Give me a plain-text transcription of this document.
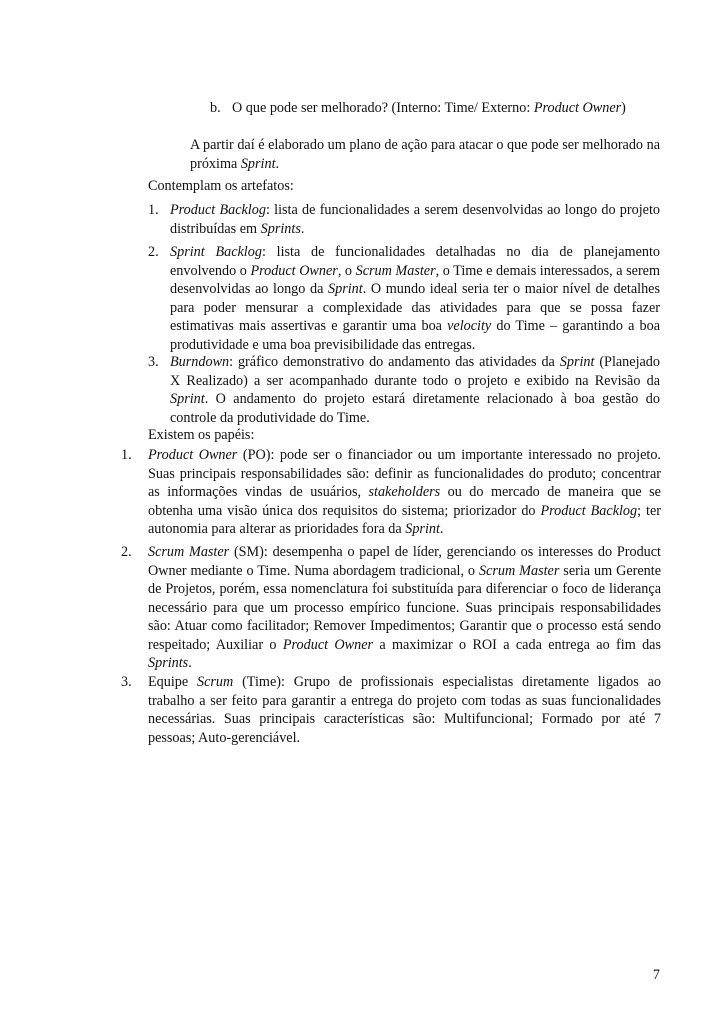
b. O que pode ser melhorado? (Interno: Time/ Externo: Product Owner)

A partir daí é elaborado um plano de ação para atacar o que pode ser melhorado na próxima Sprint.

Contemplam os artefatos:

1. Product Backlog: lista de funcionalidades a serem desenvolvidas ao longo do projeto distribuídas em Sprints.

2. Sprint Backlog: lista de funcionalidades detalhadas no dia de planejamento envolvendo o Product Owner, o Scrum Master, o Time e demais interessados, a serem desenvolvidas ao longo da Sprint. O mundo ideal seria ter o maior nível de detalhes para poder mensurar a complexidade das atividades para que se possa fazer estimativas mais assertivas e garantir uma boa velocity do Time – garantindo a boa produtividade e uma boa previsibilidade das entregas.

3. Burndown: gráfico demonstrativo do andamento das atividades da Sprint (Planejado X Realizado) a ser acompanhado durante todo o projeto e exibido na Revisão da Sprint. O andamento do projeto estará diretamente relacionado à boa gestão do controle da produtividade do Time.

Existem os papéis:

1. Product Owner (PO): pode ser o financiador ou um importante interessado no projeto. Suas principais responsabilidades são: definir as funcionalidades do produto; concentrar as informações vindas de usuários, stakeholders ou do mercado de maneira que se obtenha uma visão única dos requisitos do sistema; priorizador do Product Backlog; ter autonomia para alterar as prioridades fora da Sprint.

2. Scrum Master (SM): desempenha o papel de líder, gerenciando os interesses do Product Owner mediante o Time. Numa abordagem tradicional, o Scrum Master seria um Gerente de Projetos, porém, essa nomenclatura foi substituída para diferenciar o foco de liderança necessário para que um processo empírico funcione. Suas principais responsabilidades são: Atuar como facilitador; Remover Impedimentos; Garantir que o processo está sendo respeitado; Auxiliar o Product Owner a maximizar o ROI a cada entrega ao fim das Sprints.

3. Equipe Scrum (Time): Grupo de profissionais especialistas diretamente ligados ao trabalho a ser feito para garantir a entrega do projeto com todas as suas funcionalidades necessárias. Suas principais características são: Multifuncional; Formado por até 7 pessoas; Auto-gerenciável.

7
